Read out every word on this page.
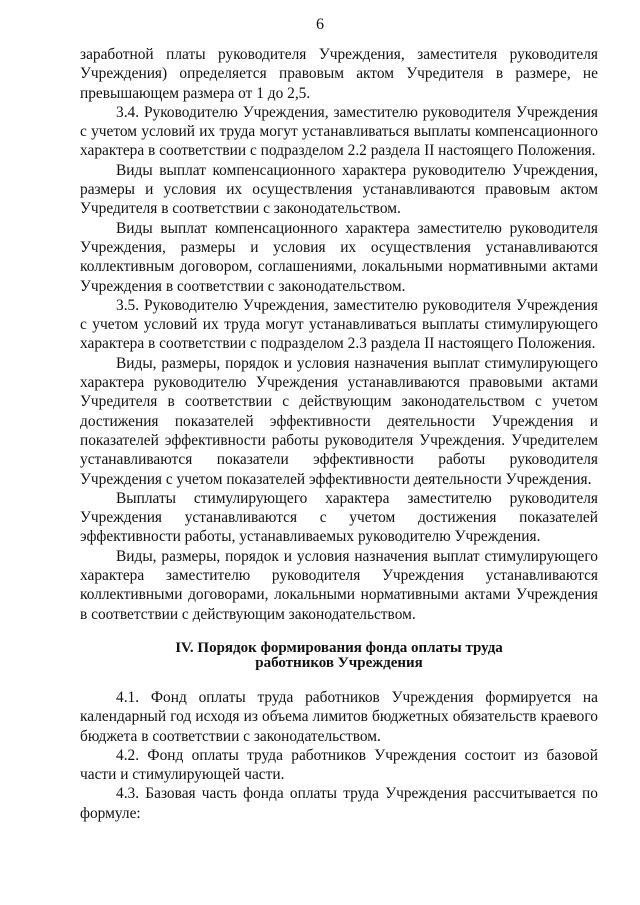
6

заработной платы руководителя Учреждения, заместителя руководителя Учреждения) определяется правовым актом Учредителя в размере, не превышающем размера от 1 до 2,5.

3.4. Руководителю Учреждения, заместителю руководителя Учреждения с учетом условий их труда могут устанавливаться выплаты компенсационного характера в соответствии с подразделом 2.2 раздела II настоящего Положения.

Виды выплат компенсационного характера руководителю Учреждения, размеры и условия их осуществления устанавливаются правовым актом Учредителя в соответствии с законодательством.

Виды выплат компенсационного характера заместителю руководителя Учреждения, размеры и условия их осуществления устанавливаются коллективным договором, соглашениями, локальными нормативными актами Учреждения в соответствии с законодательством.

3.5. Руководителю Учреждения, заместителю руководителя Учреждения с учетом условий их труда могут устанавливаться выплаты стимулирующего характера в соответствии с подразделом 2.3 раздела II настоящего Положения.

Виды, размеры, порядок и условия назначения выплат стимулирующего характера руководителю Учреждения устанавливаются правовыми актами Учредителя в соответствии с действующим законодательством с учетом достижения показателей эффективности деятельности Учреждения и показателей эффективности работы руководителя Учреждения. Учредителем устанавливаются показатели эффективности работы руководителя Учреждения с учетом показателей эффективности деятельности Учреждения.

Выплаты стимулирующего характера заместителю руководителя Учреждения устанавливаются с учетом достижения показателей эффективности работы, устанавливаемых руководителю Учреждения.

Виды, размеры, порядок и условия назначения выплат стимулирующего характера заместителю руководителя Учреждения устанавливаются коллективными договорами, локальными нормативными актами Учреждения в соответствии с действующим законодательством.

IV. Порядок формирования фонда оплаты труда
работников Учреждения

4.1. Фонд оплаты труда работников Учреждения формируется на календарный год исходя из объема лимитов бюджетных обязательств краевого бюджета в соответствии с законодательством.

4.2. Фонд оплаты труда работников Учреждения состоит из базовой части и стимулирующей части.

4.3. Базовая часть фонда оплаты труда Учреждения рассчитывается по формуле:
